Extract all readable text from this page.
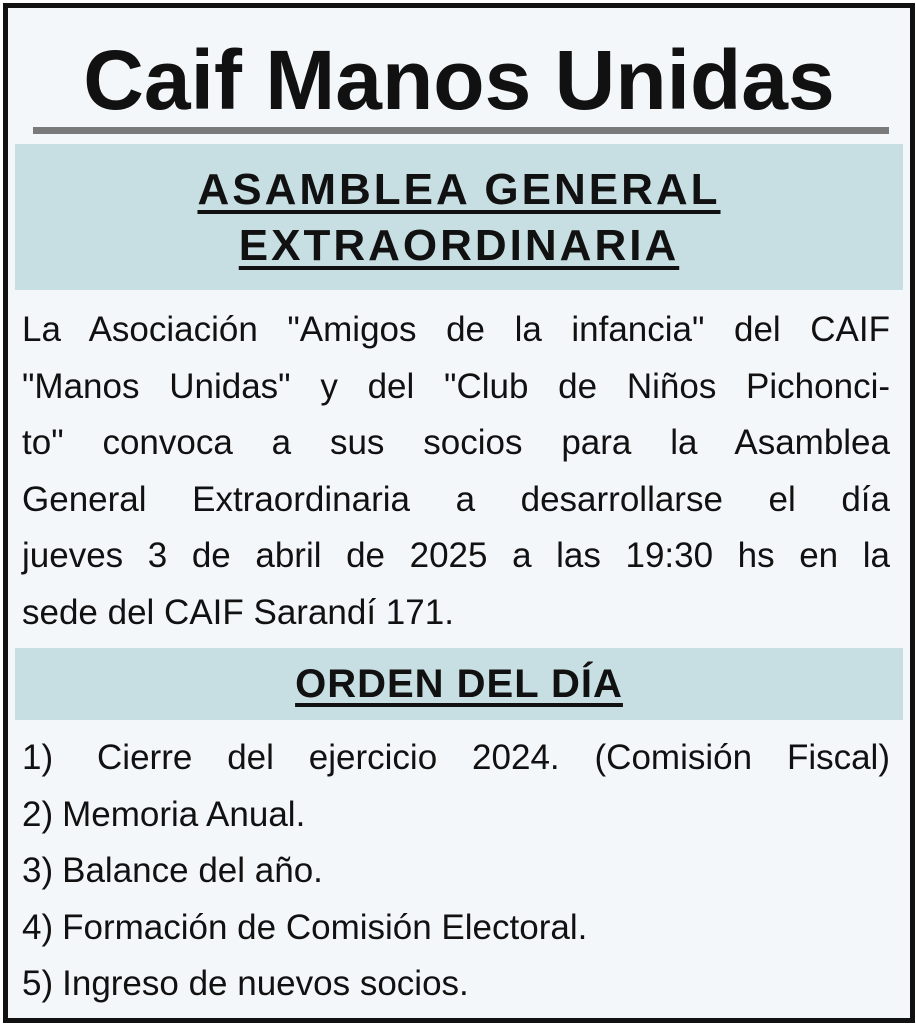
Caif Manos Unidas
ASAMBLEA GENERAL
EXTRAORDINARIA

La Asociación "Amigos de la infancia" del CAIF
"Manos Unidas" y del "Club de Niños Pichonci-
to" convoca a sus socios para la Asamblea
General Extraordinaria a desarrollarse el día
jueves 3 de abril de 2025 a las 19:30 hs en la
sede del CAIF Sarandí 171.

ORDEN DEL DÍA
1) Cierre del ejercicio 2024. (Comisión Fiscal)
2) Memoria Anual.
3) Balance del año.
4) Formación de Comisión Electoral.
5) Ingreso de nuevos socios.
